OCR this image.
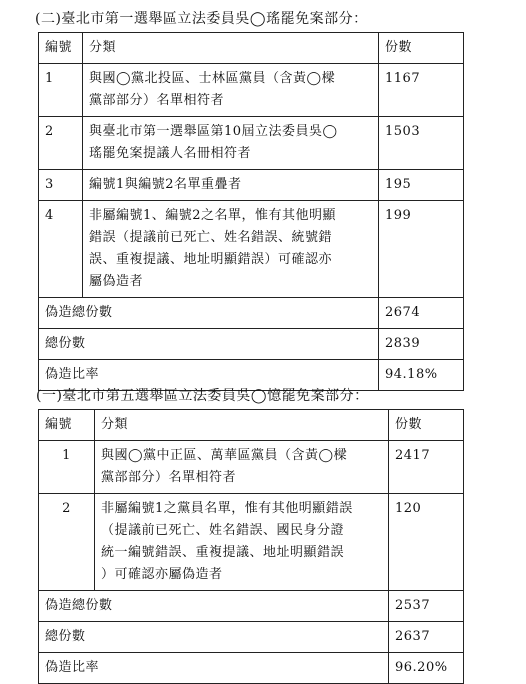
(二)臺北市第一選舉區立法委員吳◯瑤罷免案部分：
編號	分類	份數
1	與國◯黨北投區、士林區黨員（含黃◯樑
黨部部分）名單相符者	1167
2	與臺北市第一選舉區第10屆立法委員吳◯
瑤罷免案提議人名冊相符者	1503
3	編號1與編號2名單重疊者	195
4	非屬編號1、編號2之名單，惟有其他明顯
錯誤（提議前已死亡、姓名錯誤、統號錯
誤、重複提議、地址明顯錯誤）可確認亦
屬偽造者	199
偽造總份數		2674
總份數		2839
偽造比率		94.18%
(一)臺北市第五選舉區立法委員吳◯憶罷免案部分：
編號	分類	份數
1	與國◯黨中正區、萬華區黨員（含黃◯樑
黨部部分）名單相符者	2417
2	非屬編號1之黨員名單，惟有其他明顯錯誤
（提議前已死亡、姓名錯誤、國民身分證
統一編號錯誤、重複提議、地址明顯錯誤
）可確認亦屬偽造者	120
偽造總份數		2537
總份數		2637
偽造比率		96.20%
